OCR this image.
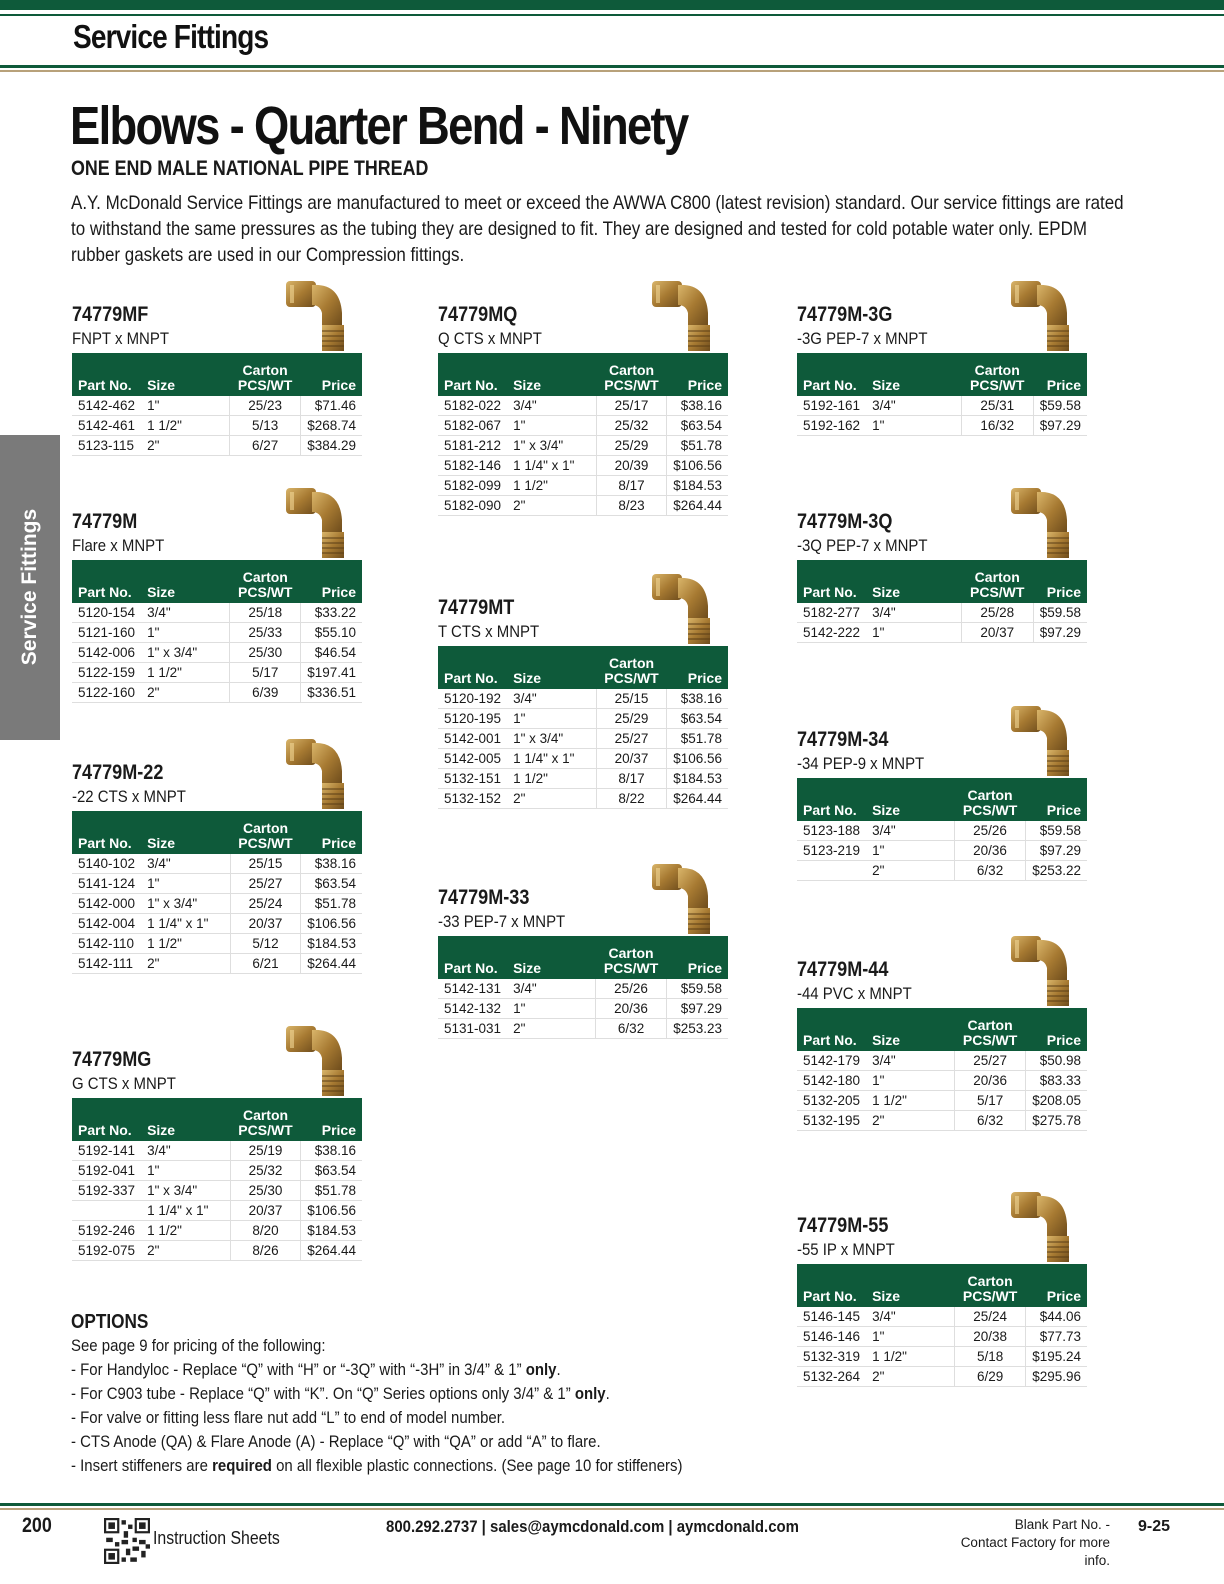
Service Fittings
Elbows - Quarter Bend - Ninety
ONE END MALE NATIONAL PIPE THREAD
A.Y. McDonald Service Fittings are manufactured to meet or exceed the AWWA C800 (latest revision) standard. Our service fittings are rated to withstand the same pressures as the tubing they are designed to fit. They are designed and tested for cold potable water only. EPDM rubber gaskets are used in our Compression fittings.
Service Fittings
74779MF
FNPT x MNPT
Part No.	Size	Carton
PCS/WT	Price
5142-462	1"	25/23	$71.46
5142-461	1 1/2"	5/13	$268.74
5123-115	2"	6/27	$384.29
74779M
Flare x MNPT
Part No.	Size	Carton
PCS/WT	Price
5120-154	3/4"	25/18	$33.22
5121-160	1"	25/33	$55.10
5142-006	1" x 3/4"	25/30	$46.54
5122-159	1 1/2"	5/17	$197.41
5122-160	2"	6/39	$336.51
74779M-22
-22 CTS x MNPT
Part No.	Size	Carton
PCS/WT	Price
5140-102	3/4"	25/15	$38.16
5141-124	1"	25/27	$63.54
5142-000	1" x 3/4"	25/24	$51.78
5142-004	1 1/4" x 1"	20/37	$106.56
5142-110	1 1/2"	5/12	$184.53
5142-111	2"	6/21	$264.44
74779MG
G CTS x MNPT
Part No.	Size	Carton
PCS/WT	Price
5192-141	3/4"	25/19	$38.16
5192-041	1"	25/32	$63.54
5192-337	1" x 3/4"	25/30	$51.78
	1 1/4" x 1"	20/37	$106.56
5192-246	1 1/2"	8/20	$184.53
5192-075	2"	8/26	$264.44
74779MQ
Q CTS x MNPT
Part No.	Size	Carton
PCS/WT	Price
5182-022	3/4"	25/17	$38.16
5182-067	1"	25/32	$63.54
5181-212	1" x 3/4"	25/29	$51.78
5182-146	1 1/4" x 1"	20/39	$106.56
5182-099	1 1/2"	8/17	$184.53
5182-090	2"	8/23	$264.44
74779MT
T CTS x MNPT
Part No.	Size	Carton
PCS/WT	Price
5120-192	3/4"	25/15	$38.16
5120-195	1"	25/29	$63.54
5142-001	1" x 3/4"	25/27	$51.78
5142-005	1 1/4" x 1"	20/37	$106.56
5132-151	1 1/2"	8/17	$184.53
5132-152	2"	8/22	$264.44
74779M-33
-33 PEP-7 x MNPT
Part No.	Size	Carton
PCS/WT	Price
5142-131	3/4"	25/26	$59.58
5142-132	1"	20/36	$97.29
5131-031	2"	6/32	$253.23
74779M-3G
-3G PEP-7 x MNPT
Part No.	Size	Carton
PCS/WT	Price
5192-161	3/4"	25/31	$59.58
5192-162	1"	16/32	$97.29
74779M-3Q
-3Q PEP-7 x MNPT
Part No.	Size	Carton
PCS/WT	Price
5182-277	3/4"	25/28	$59.58
5142-222	1"	20/37	$97.29
74779M-34
-34 PEP-9 x MNPT
Part No.	Size	Carton
PCS/WT	Price
5123-188	3/4"	25/26	$59.58
5123-219	1"	20/36	$97.29
	2"	6/32	$253.22
74779M-44
-44 PVC x MNPT
Part No.	Size	Carton
PCS/WT	Price
5142-179	3/4"	25/27	$50.98
5142-180	1"	20/36	$83.33
5132-205	1 1/2"	5/17	$208.05
5132-195	2"	6/32	$275.78
74779M-55
-55 IP x MNPT
Part No.	Size	Carton
PCS/WT	Price
5146-145	3/4"	25/24	$44.06
5146-146	1"	20/38	$77.73
5132-319	1 1/2"	5/18	$195.24
5132-264	2"	6/29	$295.96
OPTIONS
See page 9 for pricing of the following:
- For Handyloc - Replace “Q” with “H” or “-3Q” with “-3H” in 3/4” & 1” only.
- For C903 tube - Replace “Q” with “K”. On “Q” Series options only 3/4” & 1” only.
- For valve or fitting less flare nut add “L” to end of model number.
- CTS Anode (QA) & Flare Anode (A) - Replace “Q” with “QA” or add “A” to flare.
- Insert stiffeners are required on all flexible plastic connections. (See page 10 for stiffeners)
200
Instruction Sheets
800.292.2737 | sales@aymcdonald.com | aymcdonald.com	Blank Part No. -
Contact Factory for more info.
9-25
